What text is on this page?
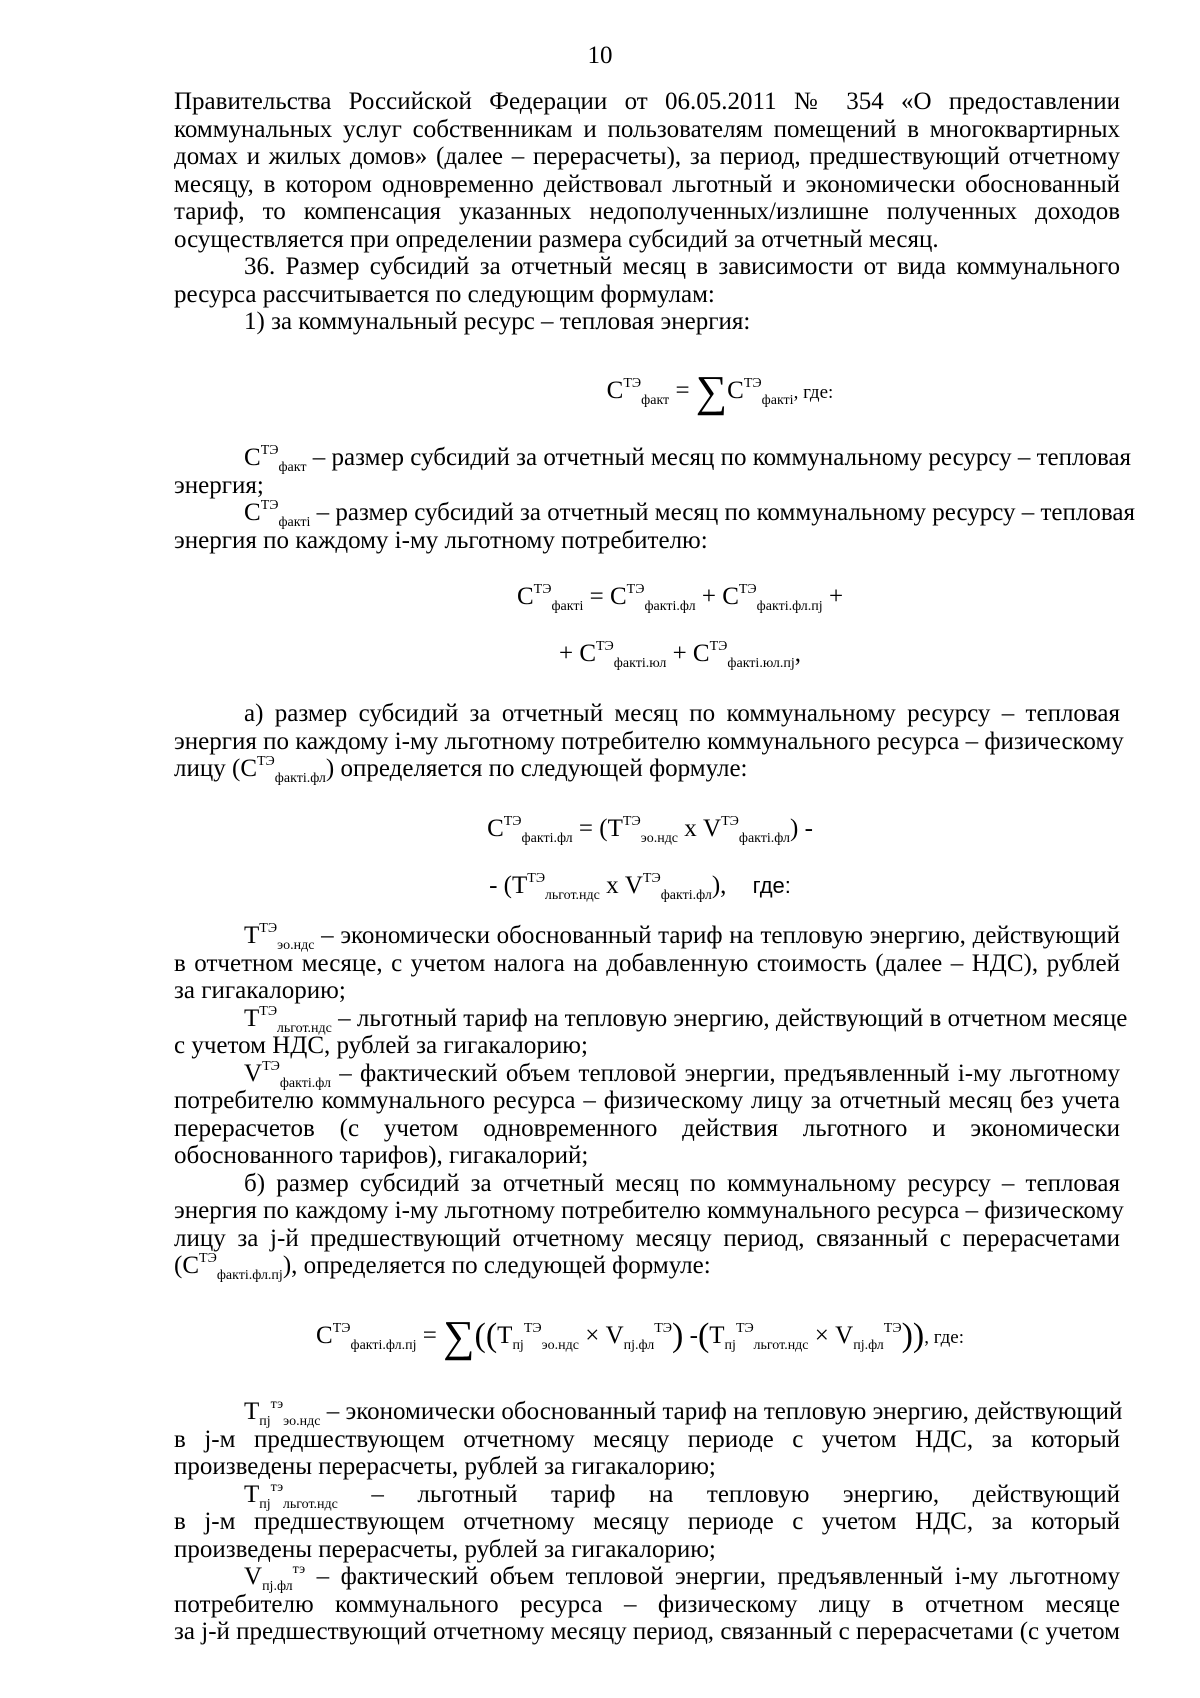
10
Правительства Российской Федерации от 06.05.2011 № 354 «О предоставлении
коммунальных услуг собственникам и пользователям помещений в многоквартирных
домах и жилых домов» (далее – перерасчеты), за период, предшествующий отчетному
месяцу, в котором одновременно действовал льготный и экономически обоснованный
тариф, то компенсация указанных недополученных/излишне полученных доходов
осуществляется при определении размера субсидий за отчетный месяц.
36. Размер субсидий за отчетный месяц в зависимости от вида коммунального
ресурса рассчитывается по следующим формулам:
1) за коммунальный ресурс – тепловая энергия:
$С^{ТЭ}_{факт} = \sum С^{ТЭ}_{факті}$, где:
$С^{ТЭ}_{факт}$ – размер субсидий за отчетный месяц по коммунальному ресурсу – тепловая
энергия;
$С^{ТЭ}_{факті}$ – размер субсидий за отчетный месяц по коммунальному ресурсу – тепловая
энергия по каждому i-му льготному потребителю:
$С^{ТЭ}_{факті} = С^{ТЭ}_{факті.фл} + С^{ТЭ}_{факті.фл.пj}$ +
+ $С^{ТЭ}_{факті.юл} + С^{ТЭ}_{факті.юл.пj}$,
а) размер субсидий за отчетный месяц по коммунальному ресурсу – тепловая
энергия по каждому i-му льготному потребителю коммунального ресурса – физическому
лицу $(С^{ТЭ}_{факті.фл})$ определяется по следующей формуле:
$С^{ТЭ}_{факті.фл} = (Т^{ТЭ}_{эо.ндс}$ х $V^{ТЭ}_{факті.фл}$) -
- ($Т^{ТЭ}_{льгот.ндс}$ х $V^{ТЭ}_{факті.фл}$), где:
$Т^{ТЭ}_{эо.ндс}$ – экономически обоснованный тариф на тепловую энергию, действующий
в отчетном месяце, с учетом налога на добавленную стоимость (далее – НДС), рублей
за гигакалорию;
$Т^{ТЭ}_{льгот.ндс}$ – льготный тариф на тепловую энергию, действующий в отчетном месяце
с учетом НДС, рублей за гигакалорию;
$V^{ТЭ}_{факті.фл}$ – фактический объем тепловой энергии, предъявленный i-му льготному
потребителю коммунального ресурса – физическому лицу за отчетный месяц без учета
перерасчетов (с учетом одновременного действия льготного и экономически
обоснованного тарифов), гигакалорий;
б) размер субсидий за отчетный месяц по коммунальному ресурсу – тепловая
энергия по каждому i-му льготному потребителю коммунального ресурса – физическому
лицу за j-й предшествующий отчетному месяцу период, связанный с перерасчетами
$(С^{ТЭ}_{факті.фл.пj})$, определяется по следующей формуле:
$С^{ТЭ}_{факті.фл.пj} = \sum((Т_{пj}^{ТЭ}_{эо.ндс} \times V_{пj.фл}^{ТЭ}) -(Т_{пj}^{ТЭ}_{льгот.ндс} \times V_{пj.фл}^{ТЭ}))$, где:
$Т_{пj}^{тэ}_{эо.ндс}$ – экономически обоснованный тариф на тепловую энергию, действующий
в j-м предшествующем отчетному месяцу периоде с учетом НДС, за который
произведены перерасчеты, рублей за гигакалорию;
$Т_{пj}^{тэ}_{льгот.ндс}$ – льготный тариф на тепловую энергию, действующий
в j-м предшествующем отчетному месяцу периоде с учетом НДС, за который
произведены перерасчеты, рублей за гигакалорию;
$V_{пj.фл}^{тэ}$ – фактический объем тепловой энергии, предъявленный i-му льготному
потребителю коммунального ресурса – физическому лицу в отчетном месяце
за j-й предшествующий отчетному месяцу период, связанный с перерасчетами (с учетом
